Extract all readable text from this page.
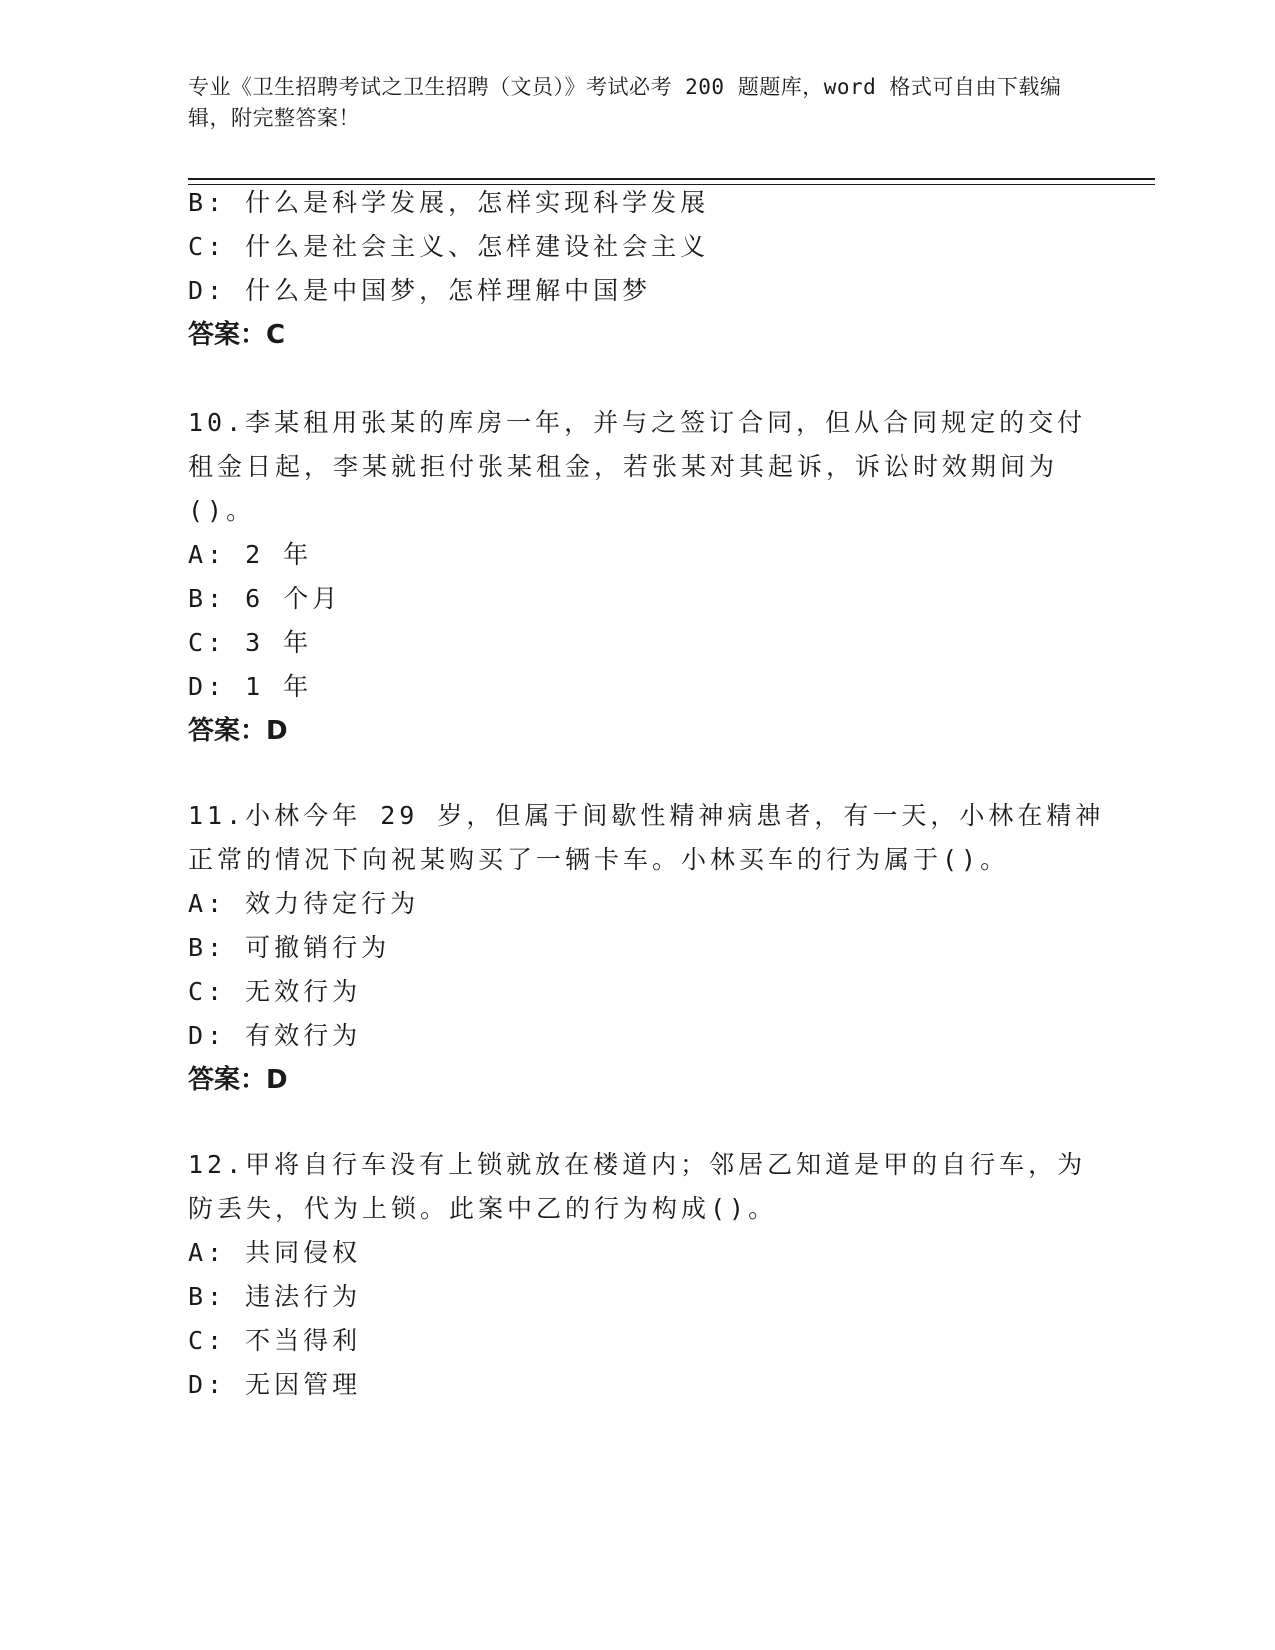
专业《卫生招聘考试之卫生招聘（文员）》考试必考 200 题题库，word 格式可自由下载编辑，附完整答案！
B: 什么是科学发展，怎样实现科学发展
C: 什么是社会主义、怎样建设社会主义
D: 什么是中国梦，怎样理解中国梦
答案：C
10.李某租用张某的库房一年，并与之签订合同，但从合同规定的交付
租金日起，李某就拒付张某租金，若张某对其起诉，诉讼时效期间为
()。
A: 2 年
B: 6 个月
C: 3 年
D: 1 年
答案：D
11.小林今年 29 岁，但属于间歇性精神病患者，有一天，小林在精神
正常的情况下向祝某购买了一辆卡车。小林买车的行为属于()。
A: 效力待定行为
B: 可撤销行为
C: 无效行为
D: 有效行为
答案：D
12.甲将自行车没有上锁就放在楼道内；邻居乙知道是甲的自行车，为
防丢失，代为上锁。此案中乙的行为构成()。
A: 共同侵权
B: 违法行为
C: 不当得利
D: 无因管理
